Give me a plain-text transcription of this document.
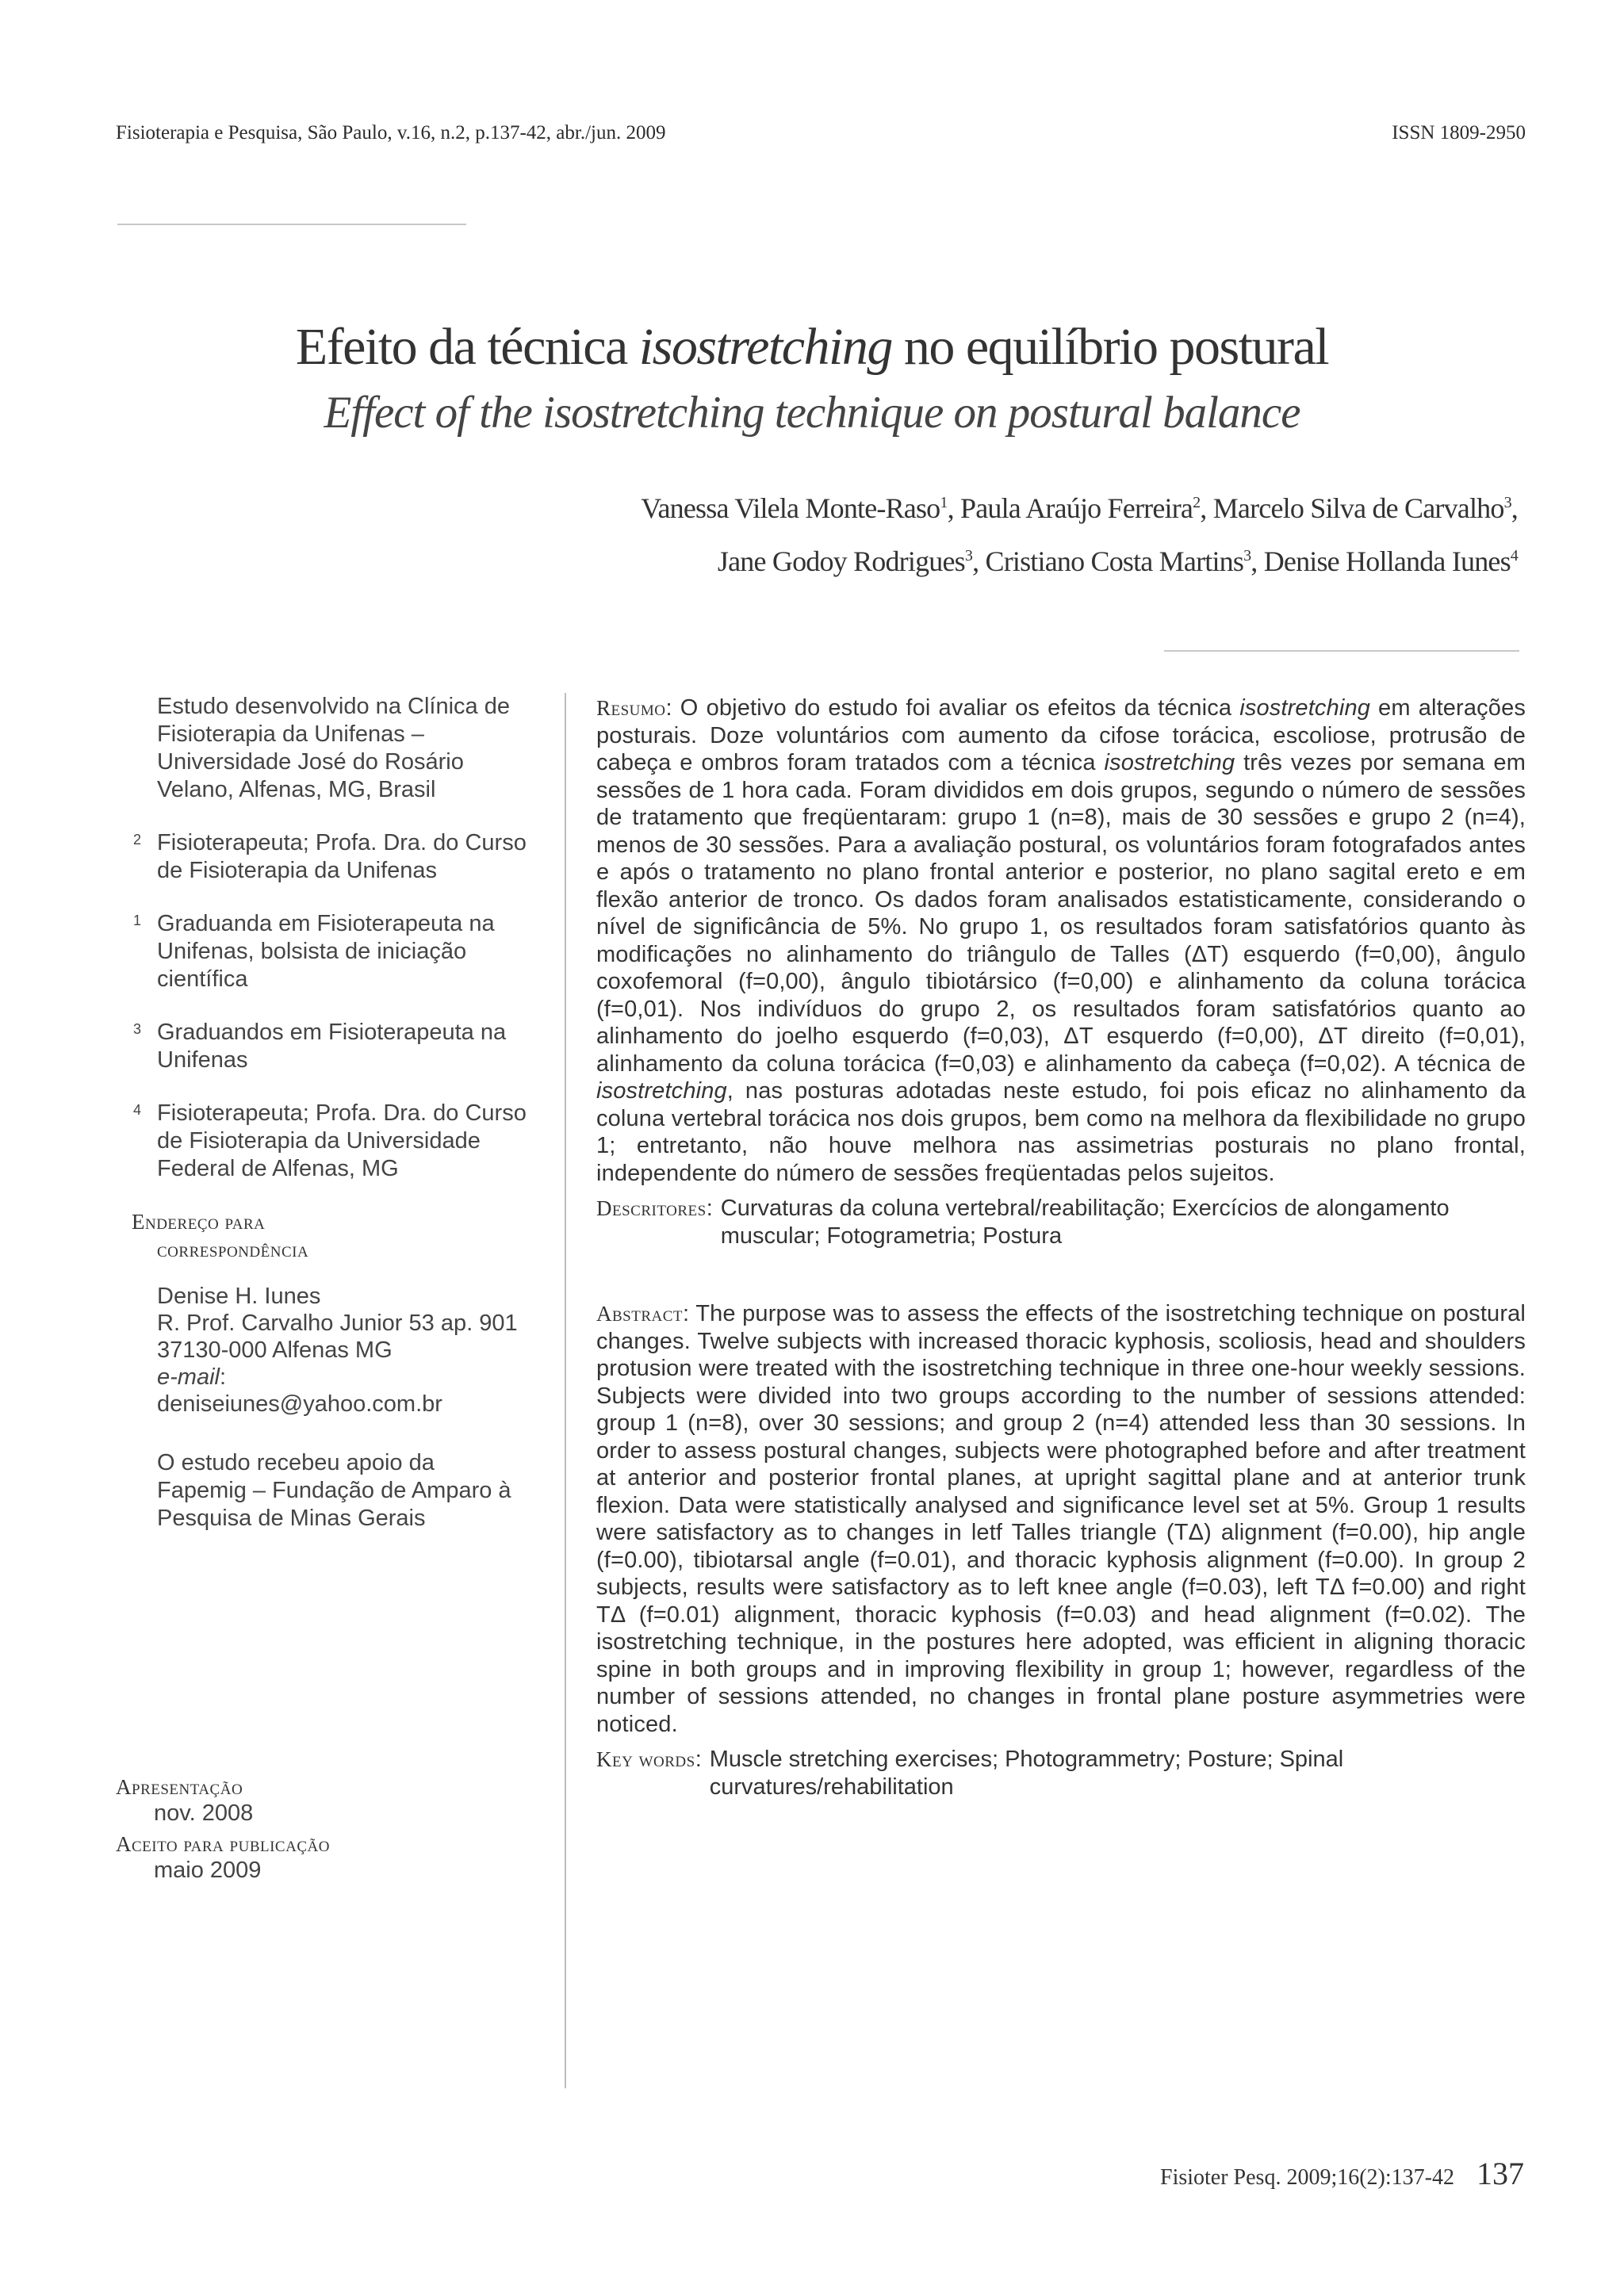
Fisioterapia e Pesquisa, São Paulo, v.16, n.2, p.137-42, abr./jun. 2009	ISSN 1809-2950
Efeito da técnica isostretching no equilíbrio postural
Effect of the isostretching technique on postural balance
Vanessa Vilela Monte-Raso$^1$, Paula Araújo Ferreira$^2$, Marcelo Silva de Carvalho$^3$,
Jane Godoy Rodrigues$^3$, Cristiano Costa Martins$^3$, Denise Hollanda Iunes$^4$
Estudo desenvolvido na Clínica de Fisioterapia da Unifenas – Universidade José do Rosário Velano, Alfenas, MG, Brasil
2 Fisioterapeuta; Profa. Dra. do Curso de Fisioterapia da Unifenas
1 Graduanda em Fisioterapeuta na Unifenas, bolsista de iniciação científica
3 Graduandos em Fisioterapeuta na Unifenas
4 Fisioterapeuta; Profa. Dra. do Curso de Fisioterapia da Universidade Federal de Alfenas, MG
Endereço para
correspondência
Denise H. Iunes
R. Prof. Carvalho Junior 53 ap. 901
37130-000 Alfenas MG
e-mail:
deniseiunes@yahoo.com.br
O estudo recebeu apoio da Fapemig – Fundação de Amparo à Pesquisa de Minas Gerais
Apresentação
nov. 2008
Aceito para publicação
maio 2009
Resumo: O objetivo do estudo foi avaliar os efeitos da técnica isostretching em alterações posturais. Doze voluntários com aumento da cifose torácica, escoliose, protrusão de cabeça e ombros foram tratados com a técnica isostretching três vezes por semana em sessões de 1 hora cada. Foram divididos em dois grupos, segundo o número de sessões de tratamento que freqüentaram: grupo 1 (n=8), mais de 30 sessões e grupo 2 (n=4), menos de 30 sessões. Para a avaliação postural, os voluntários foram fotografados antes e após o tratamento no plano frontal anterior e posterior, no plano sagital ereto e em flexão anterior de tronco. Os dados foram analisados estatisticamente, considerando o nível de significância de 5%. No grupo 1, os resultados foram satisfatórios quanto às modificações no alinhamento do triângulo de Talles (ΔT) esquerdo (f=0,00), ângulo coxofemoral (f=0,00), ângulo tibiotársico (f=0,00) e alinhamento da coluna torácica (f=0,01). Nos indivíduos do grupo 2, os resultados foram satisfatórios quanto ao alinhamento do joelho esquerdo (f=0,03), ΔT esquerdo (f=0,00), ΔT direito (f=0,01), alinhamento da coluna torácica (f=0,03) e alinhamento da cabeça (f=0,02). A técnica de isostretching, nas posturas adotadas neste estudo, foi pois eficaz no alinhamento da coluna vertebral torácica nos dois grupos, bem como na melhora da flexibilidade no grupo 1; entretanto, não houve melhora nas assimetrias posturais no plano frontal, independente do número de sessões freqüentadas pelos sujeitos.
Descritores: Curvaturas da coluna vertebral/reabilitação; Exercícios de alongamento muscular; Fotogrametria; Postura
Abstract: The purpose was to assess the effects of the isostretching technique on postural changes. Twelve subjects with increased thoracic kyphosis, scoliosis, head and shoulders protusion were treated with the isostretching technique in three one-hour weekly sessions. Subjects were divided into two groups according to the number of sessions attended: group 1 (n=8), over 30 sessions; and group 2 (n=4) attended less than 30 sessions. In order to assess postural changes, subjects were photographed before and after treatment at anterior and posterior frontal planes, at upright sagittal plane and at anterior trunk flexion. Data were statistically analysed and significance level set at 5%. Group 1 results were satisfactory as to changes in letf Talles triangle (TΔ) alignment (f=0.00), hip angle (f=0.00), tibiotarsal angle (f=0.01), and thoracic kyphosis alignment (f=0.00). In group 2 subjects, results were satisfactory as to left knee angle (f=0.03), left TΔ f=0.00) and right TΔ (f=0.01) alignment, thoracic kyphosis (f=0.03) and head alignment (f=0.02). The isostretching technique, in the postures here adopted, was efficient in aligning thoracic spine in both groups and in improving flexibility in group 1; however, regardless of the number of sessions attended, no changes in frontal plane posture asymmetries were noticed.
Key words: Muscle stretching exercises; Photogrammetry; Posture; Spinal curvatures/rehabilitation
Fisioter Pesq. 2009;16(2):137-42 137
